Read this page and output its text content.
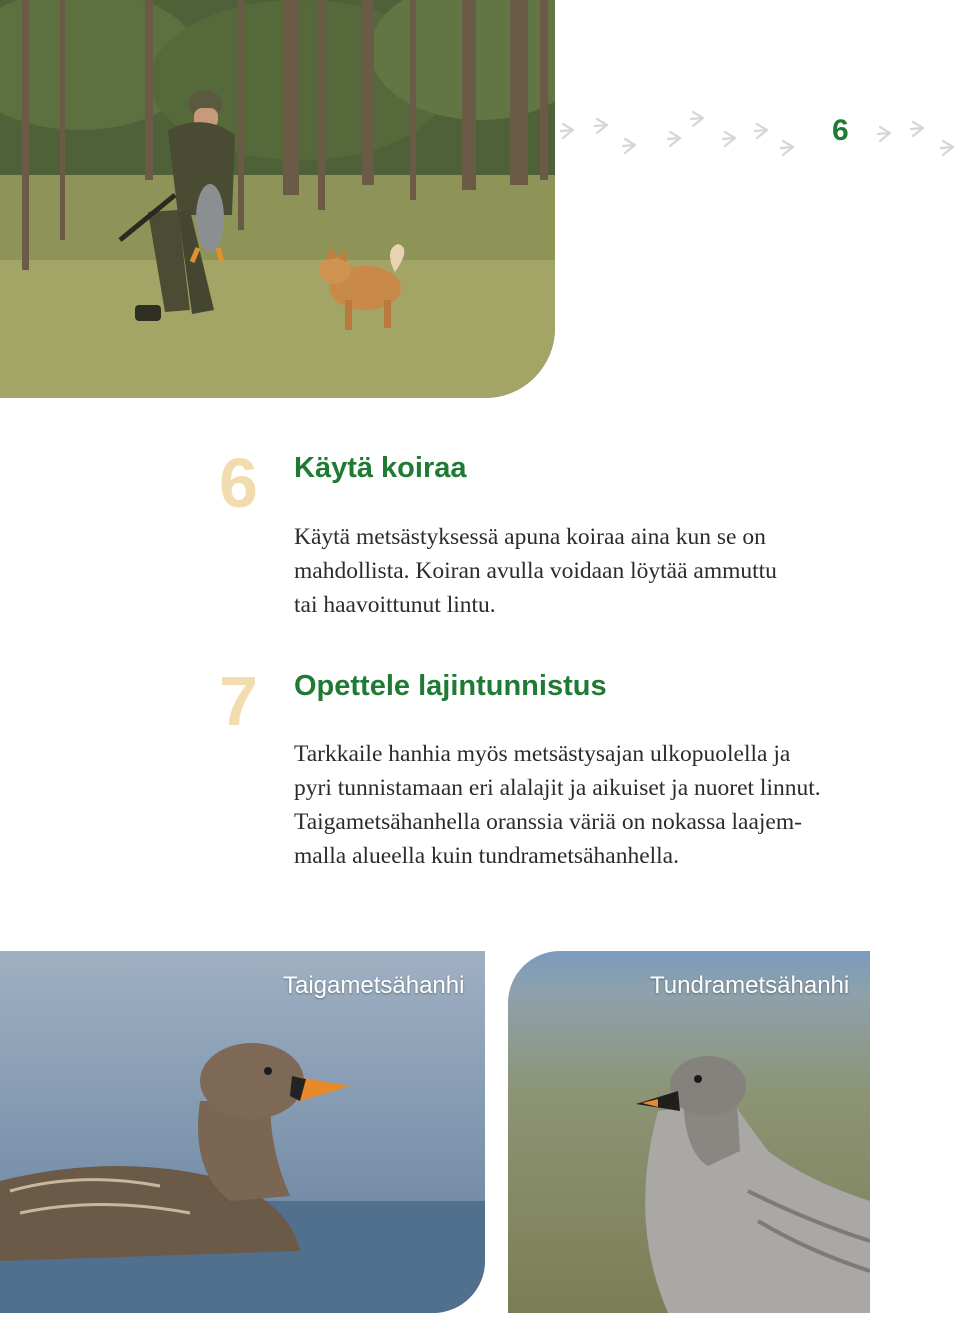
6
6 Käytä koiraa

Käytä metsästyksessä apuna koiraa aina kun se on
mahdollista. Koiran avulla voidaan löytää ammuttu
tai haavoittunut lintu.

7 Opettele lajintunnistus

Tarkkaile hanhia myös metsästysajan ulkopuolella ja
pyri tunnistamaan eri alalajit ja aikuiset ja nuoret linnut.
Taigametsähanhella oranssia väriä on nokassa laajem-
malla alueella kuin tundrametsähanhella.

Taigametsähanhi	Tundrametsähanhi
